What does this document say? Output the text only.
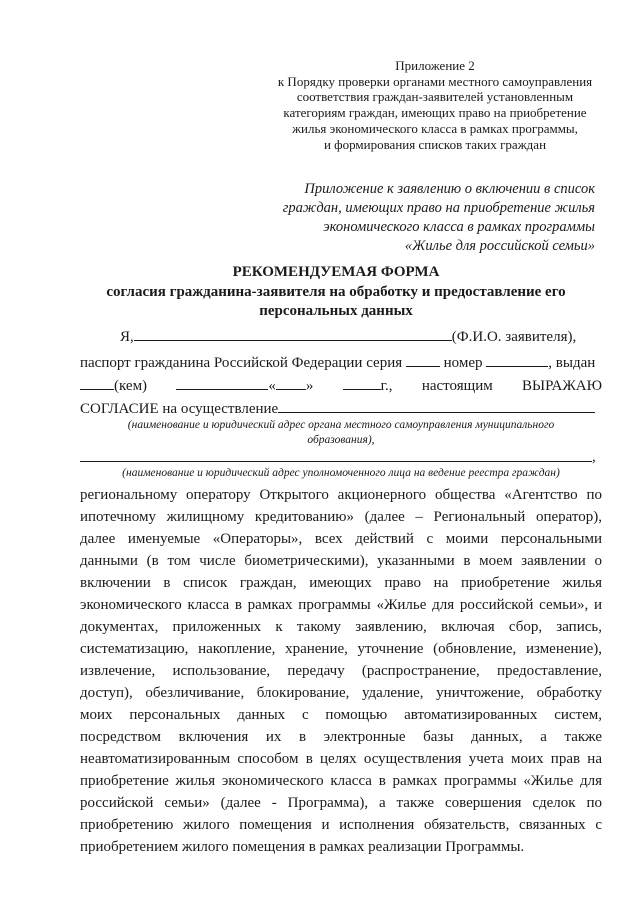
Приложение 2
к Порядку проверки органами местного самоуправления
соответствия граждан-заявителей установленным
категориям граждан, имеющих право на приобретение
жилья экономического класса в рамках программы,
и формирования списков таких граждан
Приложение к заявлению о включении в список
граждан, имеющих право на приобретение жилья
экономического класса в рамках программы
«Жилье для российской семьи»
РЕКОМЕНДУЕМАЯ ФОРМА
согласия гражданина-заявителя на обработку и предоставление его
персональных данных
Я,	(Ф.И.О. заявителя),
паспорт гражданина Российской Федерации серия	номер	, выдан
(кем)	« »	г., настоящим ВЫРАЖАЮ
СОГЛАСИЕ на осуществление
(наименование и юридический адрес органа местного самоуправления муниципального
образования),
,
(наименование и юридический адрес уполномоченного лица на ведение реестра граждан)
региональному оператору Открытого акционерного общества «Агентство по
ипотечному жилищному кредитованию» (далее – Региональный оператор),
далее именуемые «Операторы», всех действий с моими персональными
данными (в том числе биометрическими), указанными в моем заявлении о
включении в список граждан, имеющих право на приобретение жилья
экономического класса в рамках программы «Жилье для российской семьи», и
документах, приложенных к такому заявлению, включая сбор, запись,
систематизацию, накопление, хранение, уточнение (обновление, изменение),
извлечение, использование, передачу (распространение, предоставление,
доступ), обезличивание, блокирование, удаление, уничтожение, обработку
моих персональных данных с помощью автоматизированных систем,
посредством включения их в электронные базы данных, а также
неавтоматизированным способом в целях осуществления учета моих прав на
приобретение жилья экономического класса в рамках программы «Жилье для
российской семьи» (далее - Программа), а также совершения сделок по
приобретению жилого помещения и исполнения обязательств, связанных с
приобретением жилого помещения в рамках реализации Программы.
